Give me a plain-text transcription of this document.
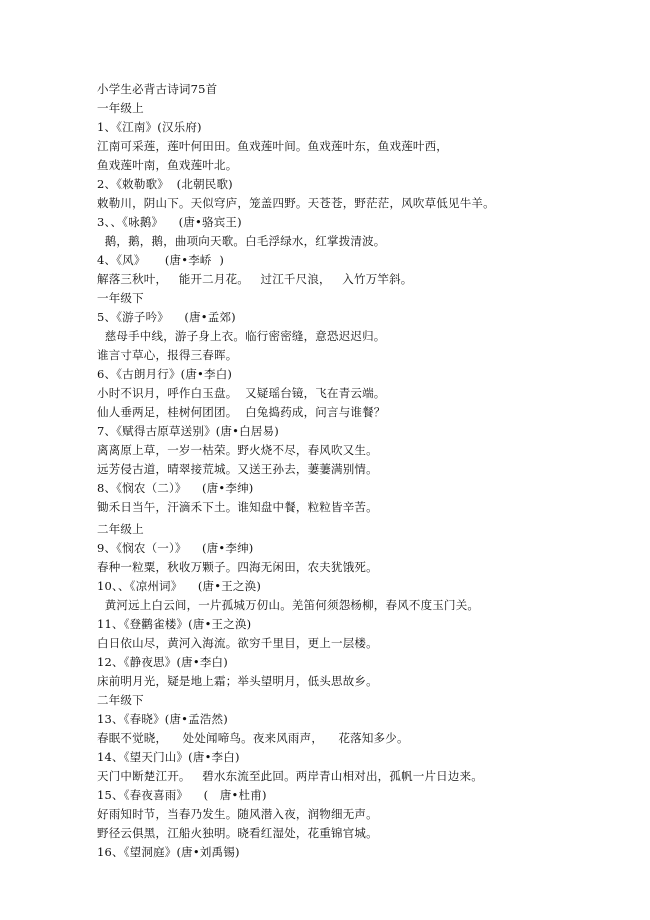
小学生必背古诗词75首
一年级上
1、《江南》(汉乐府)
江南可采莲，莲叶何田田。鱼戏莲叶间。鱼戏莲叶东，鱼戏莲叶西，
鱼戏莲叶南，鱼戏莲叶北。
2、《敕勒歌》  (北朝民歌)
敕勒川，阴山下。天似穹庐，笼盖四野。天苍苍，野茫茫，风吹草低见牛羊。
3、、《咏鹅》    (唐•骆宾王)
鹅，鹅，鹅，曲项向天歌。白毛浮绿水，红掌拨清波。
4、《风》     (唐•李峤  )
解落三秋叶，   能开二月花。   过江千尺浪，   入竹万竿斜。
一年级下
5、《游子吟》    (唐•孟郊)
慈母手中线，游子身上衣。临行密密缝，意恐迟迟归。
谁言寸草心，报得三春晖。
6、《古朗月行》(唐•李白)
小时不识月，呼作白玉盘。  又疑瑶台镜，飞在青云端。
仙人垂两足，桂树何团团。  白兔捣药成，问言与谁餐？
7、《赋得古原草送别》(唐•白居易)
离离原上草，一岁一枯荣。野火烧不尽，春风吹又生。
远芳侵古道，晴翠接荒城。又送王孙去，萋萋满别情。
8、《悯农（二）》    (唐•李绅)
锄禾日当午，汗滴禾下土。谁知盘中餐，粒粒皆辛苦。
二年级上
9、《悯农（一）》    (唐•李绅)
春种一粒粟，秋收万颗子。四海无闲田，农夫犹饿死。
10、、《凉州词》    (唐•王之涣)
黄河远上白云间，一片孤城万仞山。羌笛何须怨杨柳，春风不度玉门关。
11、《登鹳雀楼》(唐•王之涣)
白日依山尽，黄河入海流。欲穷千里目，更上一层楼。
12、《静夜思》(唐•李白)
床前明月光，疑是地上霜；举头望明月，低头思故乡。
二年级下
13、《春晓》(唐•孟浩然)
春眠不觉晓，    处处闻啼鸟。夜来风雨声，    花落知多少。
14、《望天门山》(唐•李白)
天门中断楚江开。   碧水东流至此回。两岸青山相对出，孤帆一片日边来。
15、《春夜喜雨》    (   唐•杜甫)
好雨知时节，当春乃发生。随风潜入夜，润物细无声。
野径云俱黑，江船火独明。晓看红湿处，花重锦官城。
16、《望洞庭》(唐•刘禹锡)
